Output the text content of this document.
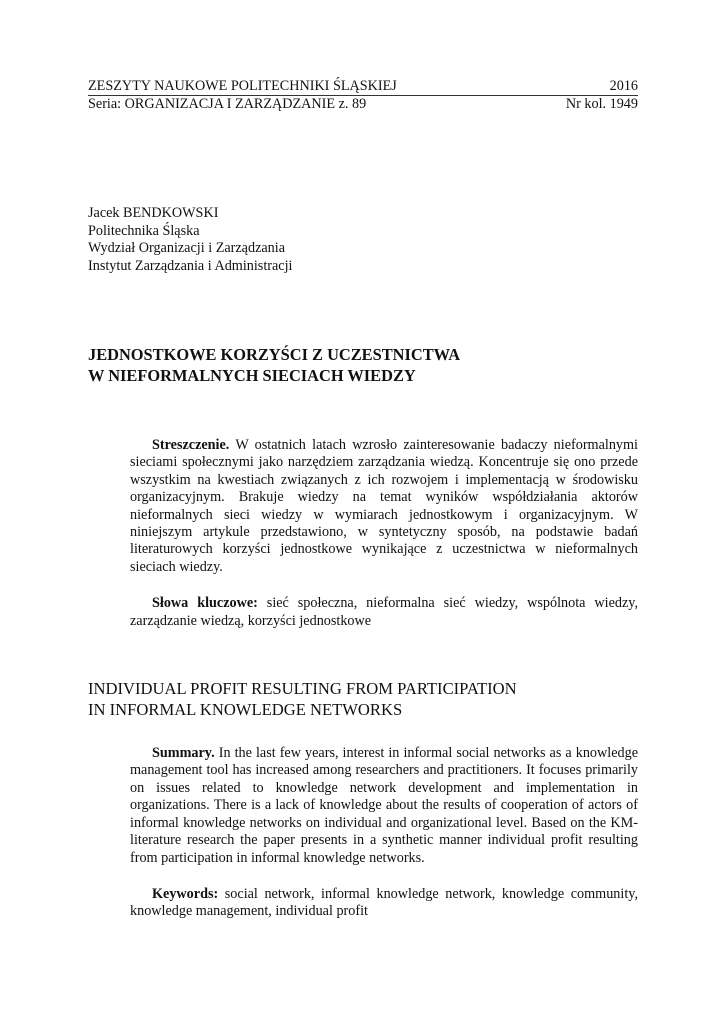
ZESZYTY NAUKOWE POLITECHNIKI ŚLĄSKIEJ	2016
Seria: ORGANIZACJA I ZARZĄDZANIE z. 89	Nr kol. 1949
Jacek BENDKOWSKI
Politechnika Śląska
Wydział Organizacji i Zarządzania
Instytut Zarządzania i Administracji
JEDNOSTKOWE KORZYŚCI Z UCZESTNICTWA
W NIEFORMALNYCH SIECIACH WIEDZY

Streszczenie. W ostatnich latach wzrosło zainteresowanie badaczy nieformalnymi sieciami społecznymi jako narzędziem zarządzania wiedzą. Koncentruje się ono przede wszystkim na kwestiach związanych z ich rozwojem i implementacją w środowisku organizacyjnym. Brakuje wiedzy na temat wyników współdziałania aktorów nieformalnych sieci wiedzy w wymiarach jednostkowym i organizacyjnym. W niniejszym artykule przedstawiono, w syntetyczny sposób, na podstawie badań literaturowych korzyści jednostkowe wynikające z uczestnictwa w nieformalnych sieciach wiedzy.

Słowa kluczowe: sieć społeczna, nieformalna sieć wiedzy, wspólnota wiedzy, zarządzanie wiedzą, korzyści jednostkowe

INDIVIDUAL PROFIT RESULTING FROM PARTICIPATION
IN INFORMAL KNOWLEDGE NETWORKS

Summary. In the last few years, interest in informal social networks as a knowledge management tool has increased among researchers and practitioners. It focuses primarily on issues related to knowledge network development and implementation in organizations. There is a lack of knowledge about the results of cooperation of actors of informal knowledge networks on individual and organizational level. Based on the KM-literature research the paper presents in a synthetic manner individual profit resulting from participation in informal knowledge networks.

Keywords: social network, informal knowledge network, knowledge community, knowledge management, individual profit
